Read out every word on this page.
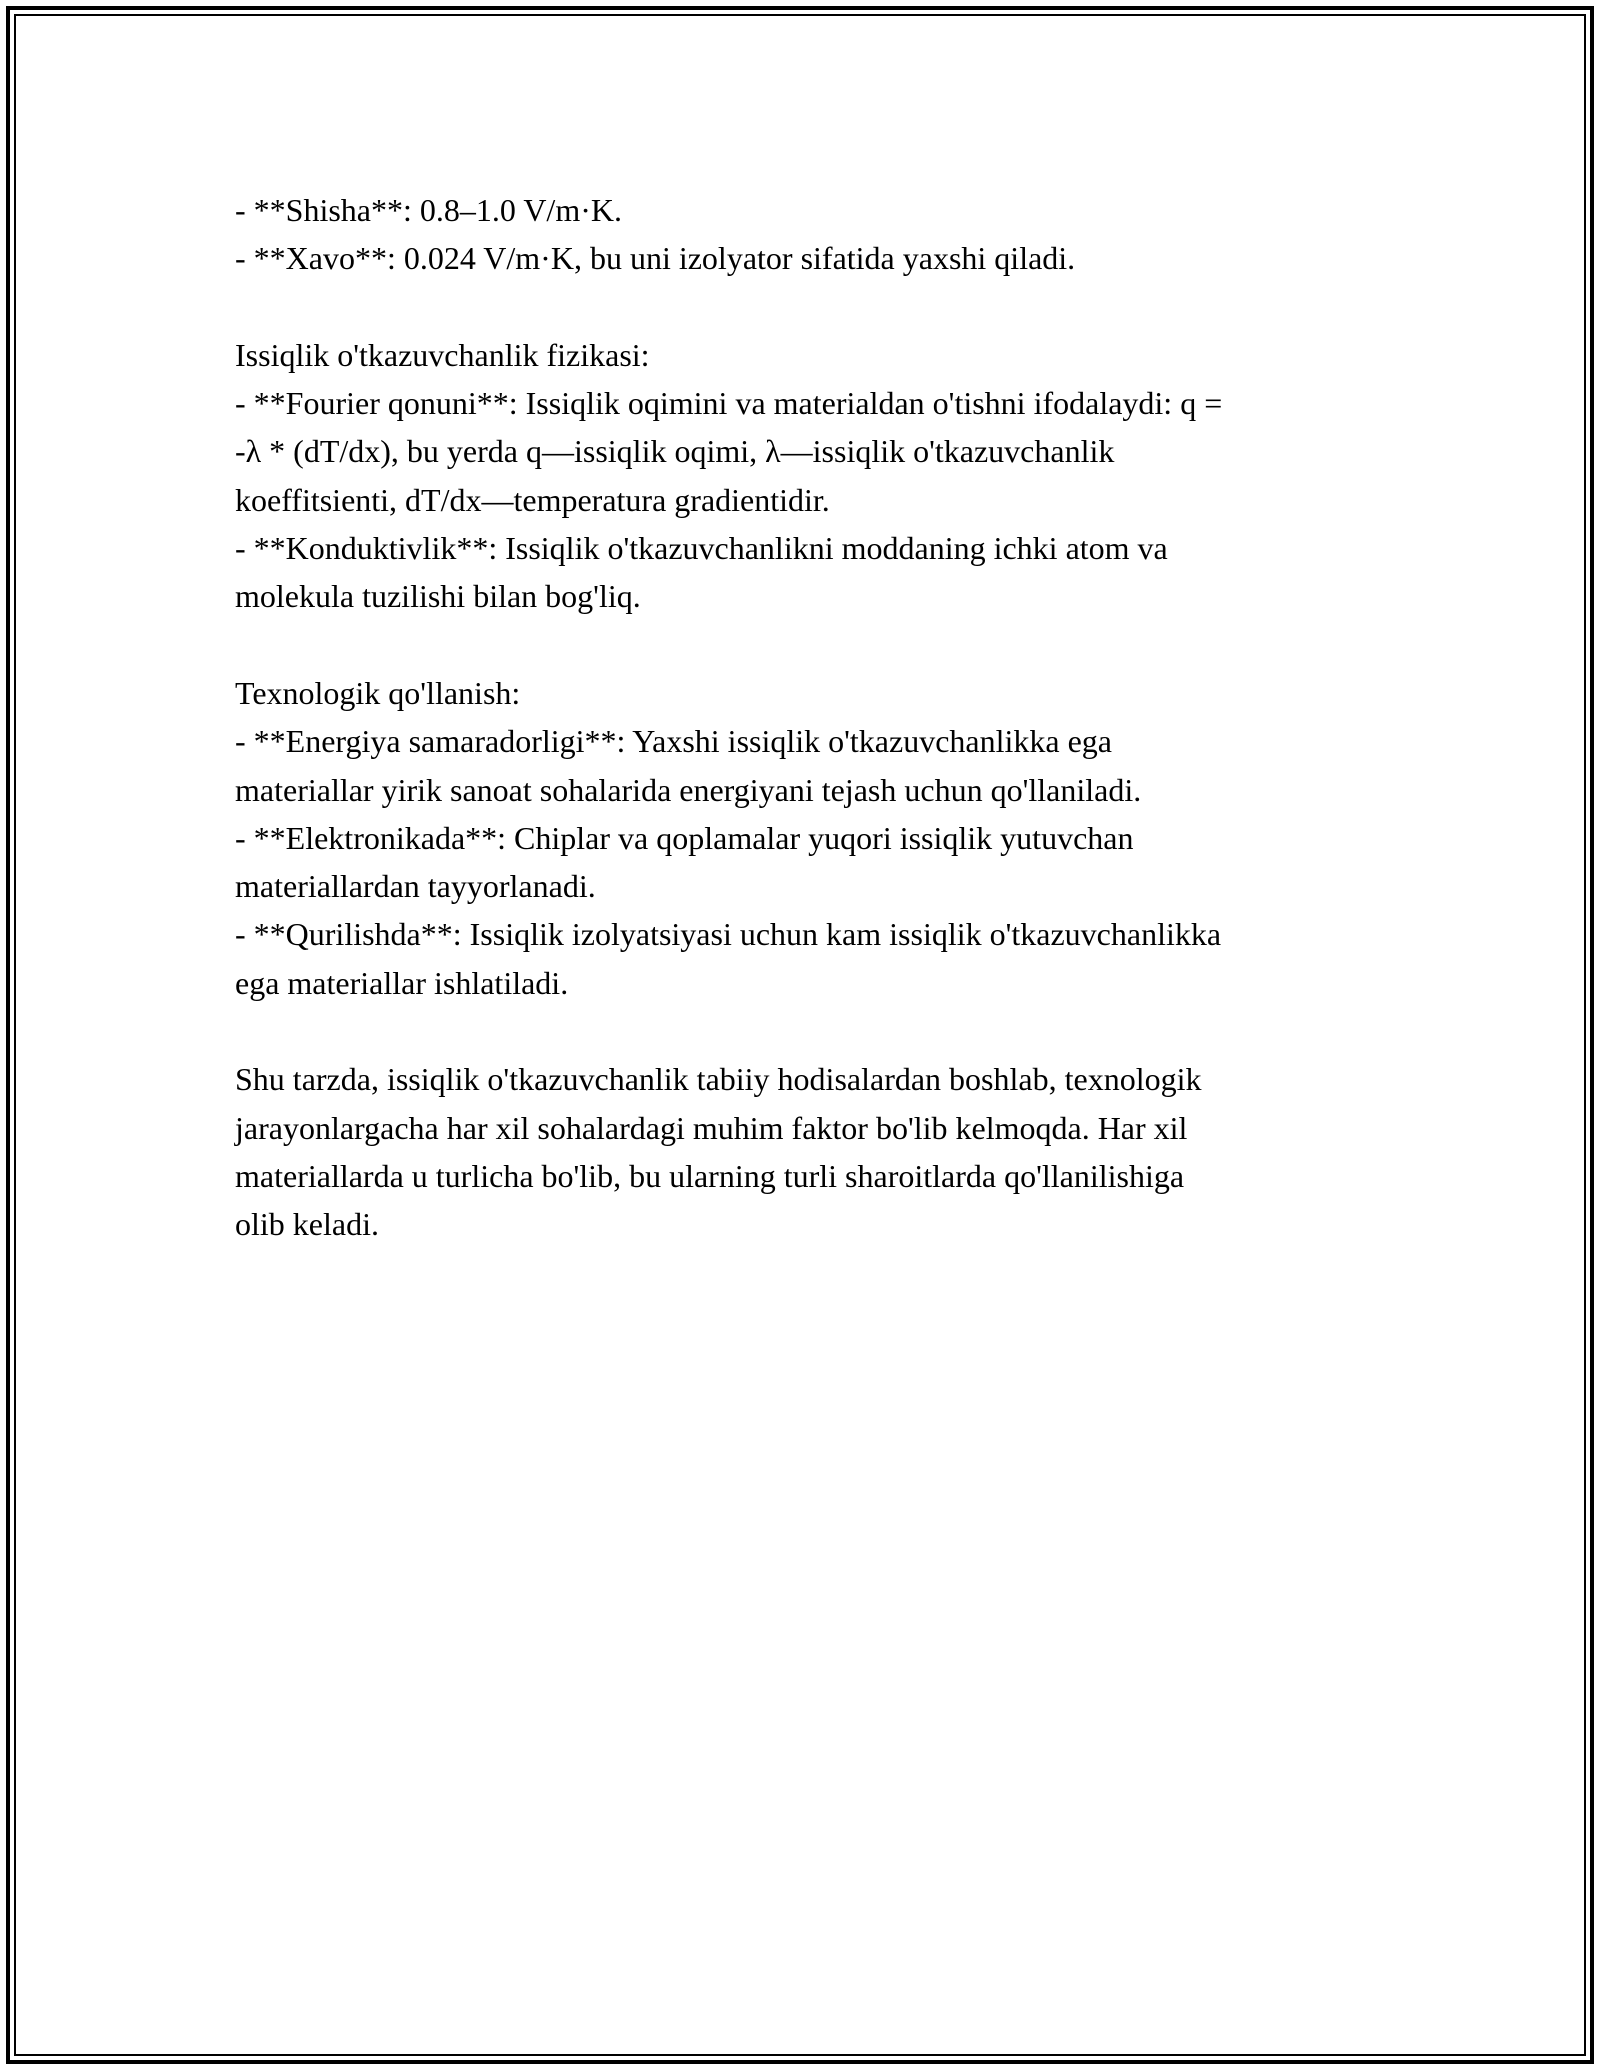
- **Shisha**: 0.8–1.0 V/m·K.
- **Xavo**: 0.024 V/m·K, bu uni izolyator sifatida yaxshi qiladi.
Issiqlik o'tkazuvchanlik fizikasi:
- **Fourier qonuni**: Issiqlik oqimini va materialdan o'tishni ifodalaydi: q =
-λ * (dT/dx), bu yerda q—issiqlik oqimi, λ—issiqlik o'tkazuvchanlik
koeffitsienti, dT/dx—temperatura gradientidir.
- **Konduktivlik**: Issiqlik o'tkazuvchanlikni moddaning ichki atom va
molekula tuzilishi bilan bog'liq.
Texnologik qo'llanish:
- **Energiya samaradorligi**: Yaxshi issiqlik o'tkazuvchanlikka ega
materiallar yirik sanoat sohalarida energiyani tejash uchun qo'llaniladi.
- **Elektronikada**: Chiplar va qoplamalar yuqori issiqlik yutuvchan
materiallardan tayyorlanadi.
- **Qurilishda**: Issiqlik izolyatsiyasi uchun kam issiqlik o'tkazuvchanlikka
ega materiallar ishlatiladi.
Shu tarzda, issiqlik o'tkazuvchanlik tabiiy hodisalardan boshlab, texnologik
jarayonlargacha har xil sohalardagi muhim faktor bo'lib kelmoqda. Har xil
materiallarda u turlicha bo'lib, bu ularning turli sharoitlarda qo'llanilishiga
olib keladi.
